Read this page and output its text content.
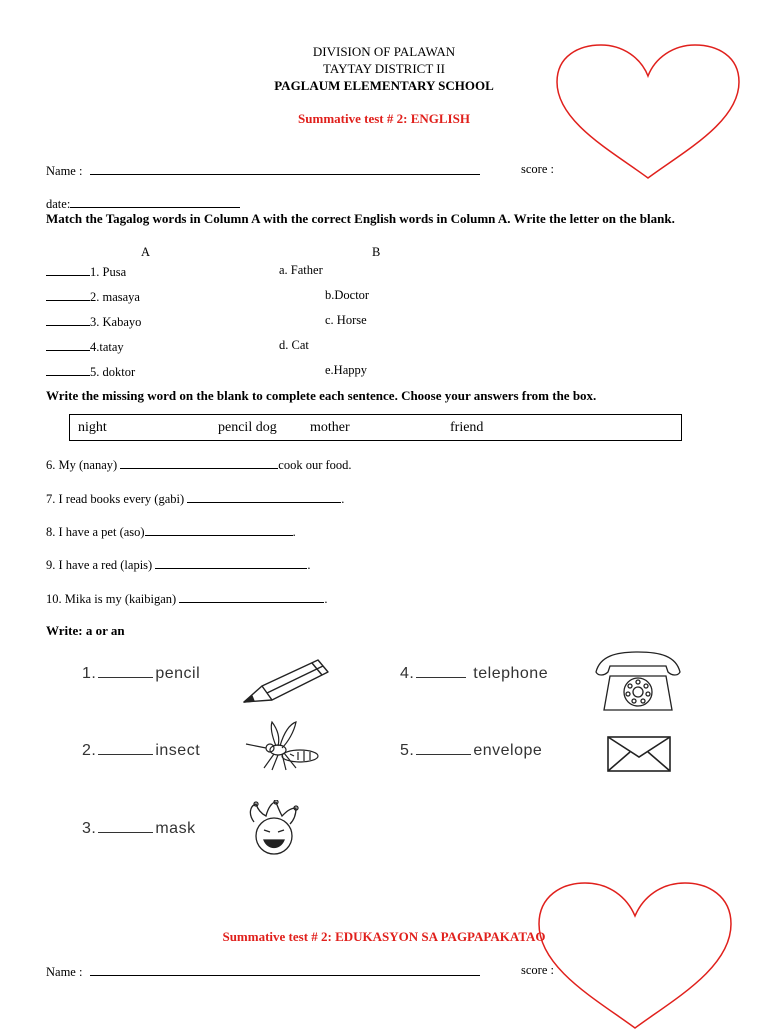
DIVISION OF PALAWAN
TAYTAY DISTRICT II
PAGLAUM ELEMENTARY SCHOOL
Summative test # 2: ENGLISH
Name :	score :
date:
Match the Tagalog words in Column A with the correct English words in Column A. Write the letter on the blank.
A	B
1. Pusa	a. Father
2. masaya	b.Doctor
3. Kabayo	c. Horse
4.tatay	d. Cat
5. doktor	e.Happy
Write the missing word on the blank to complete each sentence. Choose your answers from the box.
night	pencil dog mother	friend
6. My (nanay)	cook our food.
7. I read books every (gabi)	.
8. I have a pet (aso)	.
9. I have a red (lapis)	.
10. Mika is my (kaibigan)	.
Write: a or an
1.	pencil
2.	insect
3.	mask
4.	telephone
5.	envelope
Summative test # 2: EDUKASYON SA PAGPAPAKATAO
Name :	score :
